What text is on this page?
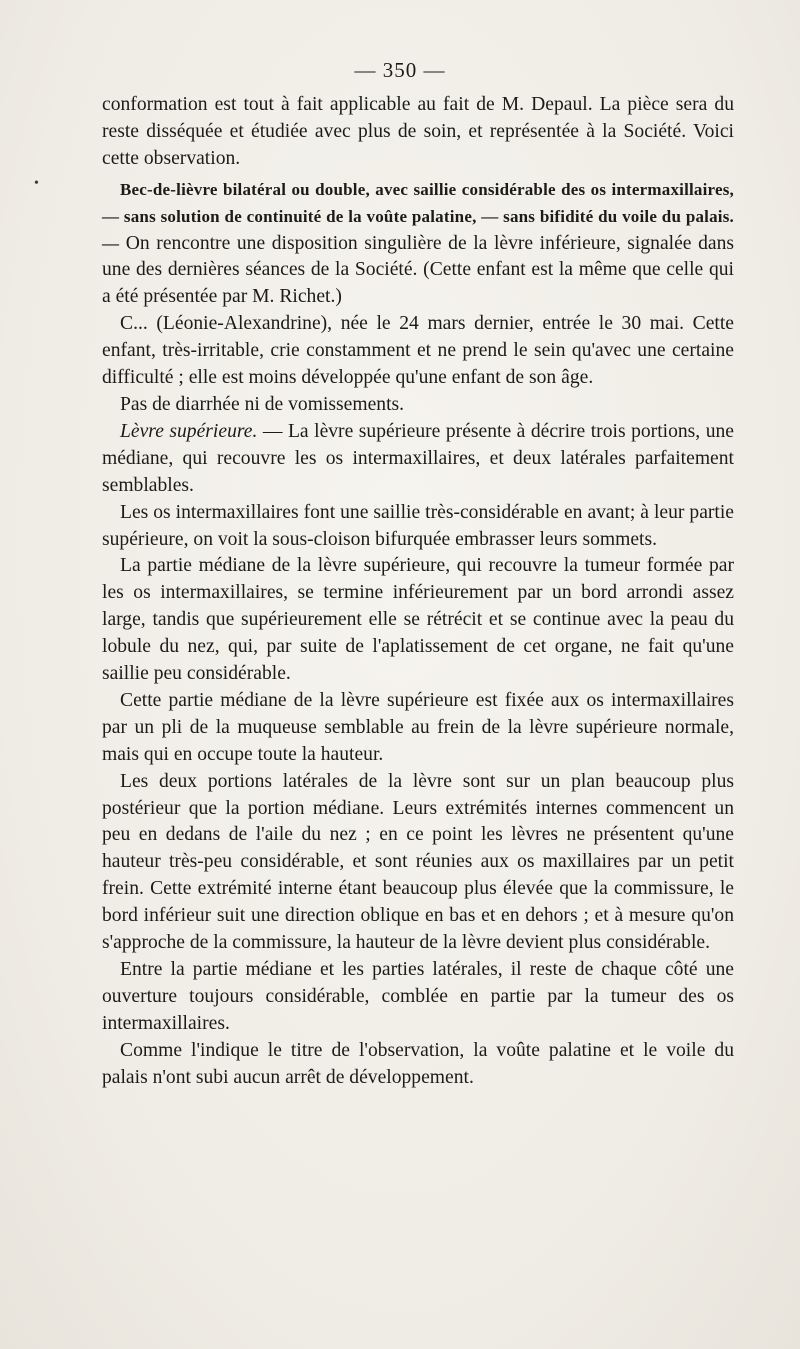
— 350 —

conformation est tout à fait applicable au fait de M. Depaul. La pièce sera du reste disséquée et étudiée avec plus de soin, et représentée à la Société. Voici cette observation.

Bec-de-lièvre bilatéral ou double, avec saillie considérable des os intermaxillaires, — sans solution de continuité de la voûte palatine, — sans bifidité du voile du palais. — On rencontre une disposition singulière de la lèvre inférieure, signalée dans une des dernières séances de la Société. (Cette enfant est la même que celle qui a été présentée par M. Richet.)

C... (Léonie-Alexandrine), née le 24 mars dernier, entrée le 30 mai. Cette enfant, très-irritable, crie constamment et ne prend le sein qu'avec une certaine difficulté ; elle est moins développée qu'une enfant de son âge.

Pas de diarrhée ni de vomissements.

Lèvre supérieure. — La lèvre supérieure présente à décrire trois portions, une médiane, qui recouvre les os intermaxillaires, et deux latérales parfaitement semblables.

Les os intermaxillaires font une saillie très-considérable en avant; à leur partie supérieure, on voit la sous-cloison bifurquée embrasser leurs sommets.

La partie médiane de la lèvre supérieure, qui recouvre la tumeur formée par les os intermaxillaires, se termine inférieurement par un bord arrondi assez large, tandis que supérieurement elle se rétrécit et se continue avec la peau du lobule du nez, qui, par suite de l'aplatissement de cet organe, ne fait qu'une saillie peu considérable.

Cette partie médiane de la lèvre supérieure est fixée aux os intermaxillaires par un pli de la muqueuse semblable au frein de la lèvre supérieure normale, mais qui en occupe toute la hauteur.

Les deux portions latérales de la lèvre sont sur un plan beaucoup plus postérieur que la portion médiane. Leurs extrémités internes commencent un peu en dedans de l'aile du nez ; en ce point les lèvres ne présentent qu'une hauteur très-peu considérable, et sont réunies aux os maxillaires par un petit frein. Cette extrémité interne étant beaucoup plus élevée que la commissure, le bord inférieur suit une direction oblique en bas et en dehors ; et à mesure qu'on s'approche de la commissure, la hauteur de la lèvre devient plus considérable.

Entre la partie médiane et les parties latérales, il reste de chaque côté une ouverture toujours considérable, comblée en partie par la tumeur des os intermaxillaires.

Comme l'indique le titre de l'observation, la voûte palatine et le voile du palais n'ont subi aucun arrêt de développement.

•
